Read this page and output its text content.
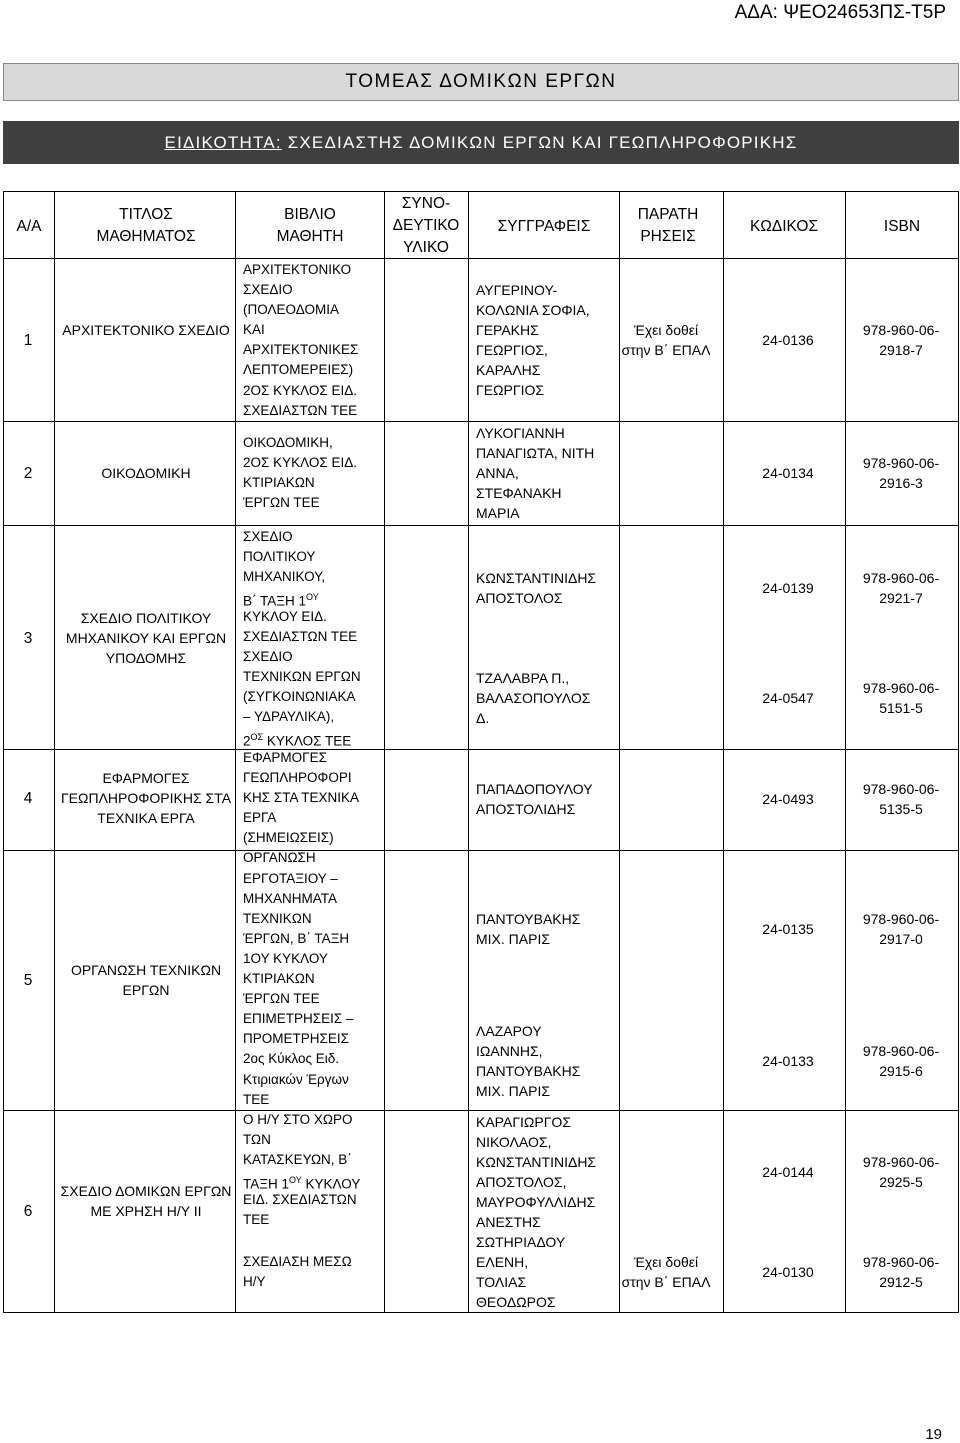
ΑΔΑ: ΨΕΟ24653ΠΣ-Τ5Ρ
ΤΟΜΕΑΣ ΔΟΜΙΚΩΝ ΕΡΓΩΝ
ΕΙΔΙΚΟΤΗΤΑ: ΣΧΕΔΙΑΣΤΗΣ ΔΟΜΙΚΩΝ ΕΡΓΩΝ ΚΑΙ ΓΕΩΠΛΗΡΟΦΟΡΙΚΗΣ
Α/Α
ΤΙΤΛΟΣ ΜΑΘΗΜΑΤΟΣ
ΒΙΒΛΙΟ ΜΑΘΗΤΗ
ΣΥΝΟ-ΔΕΥΤΙΚΟ ΥΛΙΚΟ
ΣΥΓΓΡΑΦΕΙΣ
ΠΑΡΑΤΗ ΡΗΣΕΙΣ
ΚΩΔΙΚΟΣ	ISBN
1
2
3
4
5
6
ΑΡΧΙΤΕΚΤΟΝΙΚΟ ΣΧΕΔΙΟ
ΟΙΚΟΔΟΜΙΚΗ
ΣΧΕΔΙΟ ΠΟΛΙΤΙΚΟΥ ΜΗΧΑΝΙΚΟΥ ΚΑΙ ΕΡΓΩΝ ΥΠΟΔΟΜΗΣ
ΕΦΑΡΜΟΓΕΣ ΓΕΩΠΛΗΡΟΦΟΡΙΚΗΣ ΣΤΑ ΤΕΧΝΙΚΑ ΕΡΓΑ
ΟΡΓΑΝΩΣΗ ΤΕΧΝΙΚΩΝ ΕΡΓΩΝ
ΣΧΕΔΙΟ ΔΟΜΙΚΩΝ ΕΡΓΩΝ ΜΕ ΧΡΗΣΗ Η/Υ ΙΙ
ΑΡΧΙΤΕΚΤΟΝΙΚΟ
ΣΧΕΔΙΟ
(ΠΟΛΕΟΔΟΜΙΑ
ΚΑΙ
ΑΡΧΙΤΕΚΤΟΝΙΚΕΣ
ΛΕΠΤΟΜΕΡΕΙΕΣ)
2ΟΣ ΚΥΚΛΟΣ ΕΙΔ.
ΣΧΕΔΙΑΣΤΩΝ ΤΕΕ
ΟΙΚΟΔΟΜΙΚΗ,
2ΟΣ ΚΥΚΛΟΣ ΕΙΔ.
ΚΤΙΡΙΑΚΩΝ
ΈΡΓΩΝ ΤΕΕ
ΣΧΕΔΙΟ
ΠΟΛΙΤΙΚΟΥ
ΜΗΧΑΝΙΚΟΥ,
Β΄ ΤΑΞΗ $1^{O\Upsilon}$
ΚΥΚΛΟΥ ΕΙΔ.
ΣΧΕΔΙΑΣΤΩΝ ΤΕΕ
ΣΧΕΔΙΟ
ΤΕΧΝΙΚΩΝ ΕΡΓΩΝ
(ΣΥΓΚΟΙΝΩΝΙΑΚΑ
– ΥΔΡΑΥΛΙΚΑ),
$2^{O\Sigma}$ ΚΥΚΛΟΣ ΤΕΕ
ΕΦΑΡΜΟΓΕΣ
ΓΕΩΠΛΗΡΟΦΟΡΙ
ΚΗΣ ΣΤΑ ΤΕΧΝΙΚΑ
ΕΡΓΑ
(ΣΗΜΕΙΩΣΕΙΣ)
ΟΡΓΑΝΩΣΗ
ΕΡΓΟΤΑΞΙΟΥ –
ΜΗΧΑΝΗΜΑΤΑ
ΤΕΧΝΙΚΩΝ
ΈΡΓΩΝ, Β΄ ΤΑΞΗ
1ΟΥ ΚΥΚΛΟΥ
ΚΤΙΡΙΑΚΩΝ
ΈΡΓΩΝ ΤΕΕ
ΕΠΙΜΕΤΡΗΣΕΙΣ –
ΠΡΟΜΕΤΡΗΣΕΙΣ
2ος Κύκλος Ειδ.
Κτιριακών Έργων
ΤΕΕ
Ο Η/Υ ΣΤΟ ΧΩΡΟ
ΤΩΝ
ΚΑΤΑΣΚΕΥΩΝ, Β΄
ΤΑΞΗ $1^{O\Upsilon}$ ΚΥΚΛΟΥ
ΕΙΔ. ΣΧΕΔΙΑΣΤΩΝ
ΤΕΕ
ΣΧΕΔΙΑΣΗ ΜΕΣΩ
Η/Υ
ΑΥΓΕΡΙΝΟΥ-
ΚΟΛΩΝΙΑ ΣΟΦΙΑ,
ΓΕΡΑΚΗΣ
ΓΕΩΡΓΙΟΣ,
ΚΑΡΑΛΗΣ
ΓΕΩΡΓΙΟΣ
ΛΥΚΟΓΙΑΝΝΗ
ΠΑΝΑΓΙΩΤΑ, ΝΙΤΗ
ΑΝΝΑ,
ΣΤΕΦΑΝΑΚΗ
ΜΑΡΙΑ
ΚΩΝΣΤΑΝΤΙΝΙΔΗΣ
ΑΠΟΣΤΟΛΟΣ
ΤΖΑΛΑΒΡΑ Π.,
ΒΑΛΑΣΟΠΟΥΛΟΣ
Δ.
ΠΑΠΑΔΟΠΟΥΛΟΥ
ΑΠΟΣΤΟΛΙΔΗΣ
ΠΑΝΤΟΥΒΑΚΗΣ
ΜΙΧ. ΠΑΡΙΣ
ΛΑΖΑΡΟΥ
ΙΩΑΝΝΗΣ,
ΠΑΝΤΟΥΒΑΚΗΣ
ΜΙΧ. ΠΑΡΙΣ
ΚΑΡΑΓΙΩΡΓΟΣ
ΝΙΚΟΛΑΟΣ,
ΚΩΝΣΤΑΝΤΙΝΙΔΗΣ
ΑΠΟΣΤΟΛΟΣ,
ΜΑΥΡΟΦΥΛΛΙΔΗΣ
ΑΝΕΣΤΗΣ
ΣΩΤΗΡΙΑΔΟΥ
ΕΛΕΝΗ,
ΤΟΛΙΑΣ
ΘΕΟΔΩΡΟΣ
Έχει δοθεί
στην Β΄ ΕΠΑΛ
Έχει δοθεί
στην Β΄ ΕΠΑΛ
24-0136
24-0134
24-0139
24-0547
24-0493
24-0135
24-0133
24-0144
24-0130
978-960-06-
2918-7
978-960-06-
2916-3
978-960-06-
2921-7
978-960-06-
5151-5
978-960-06-
5135-5
978-960-06-
2917-0
978-960-06-
2915-6
978-960-06-
2925-5
978-960-06-
2912-5
19
